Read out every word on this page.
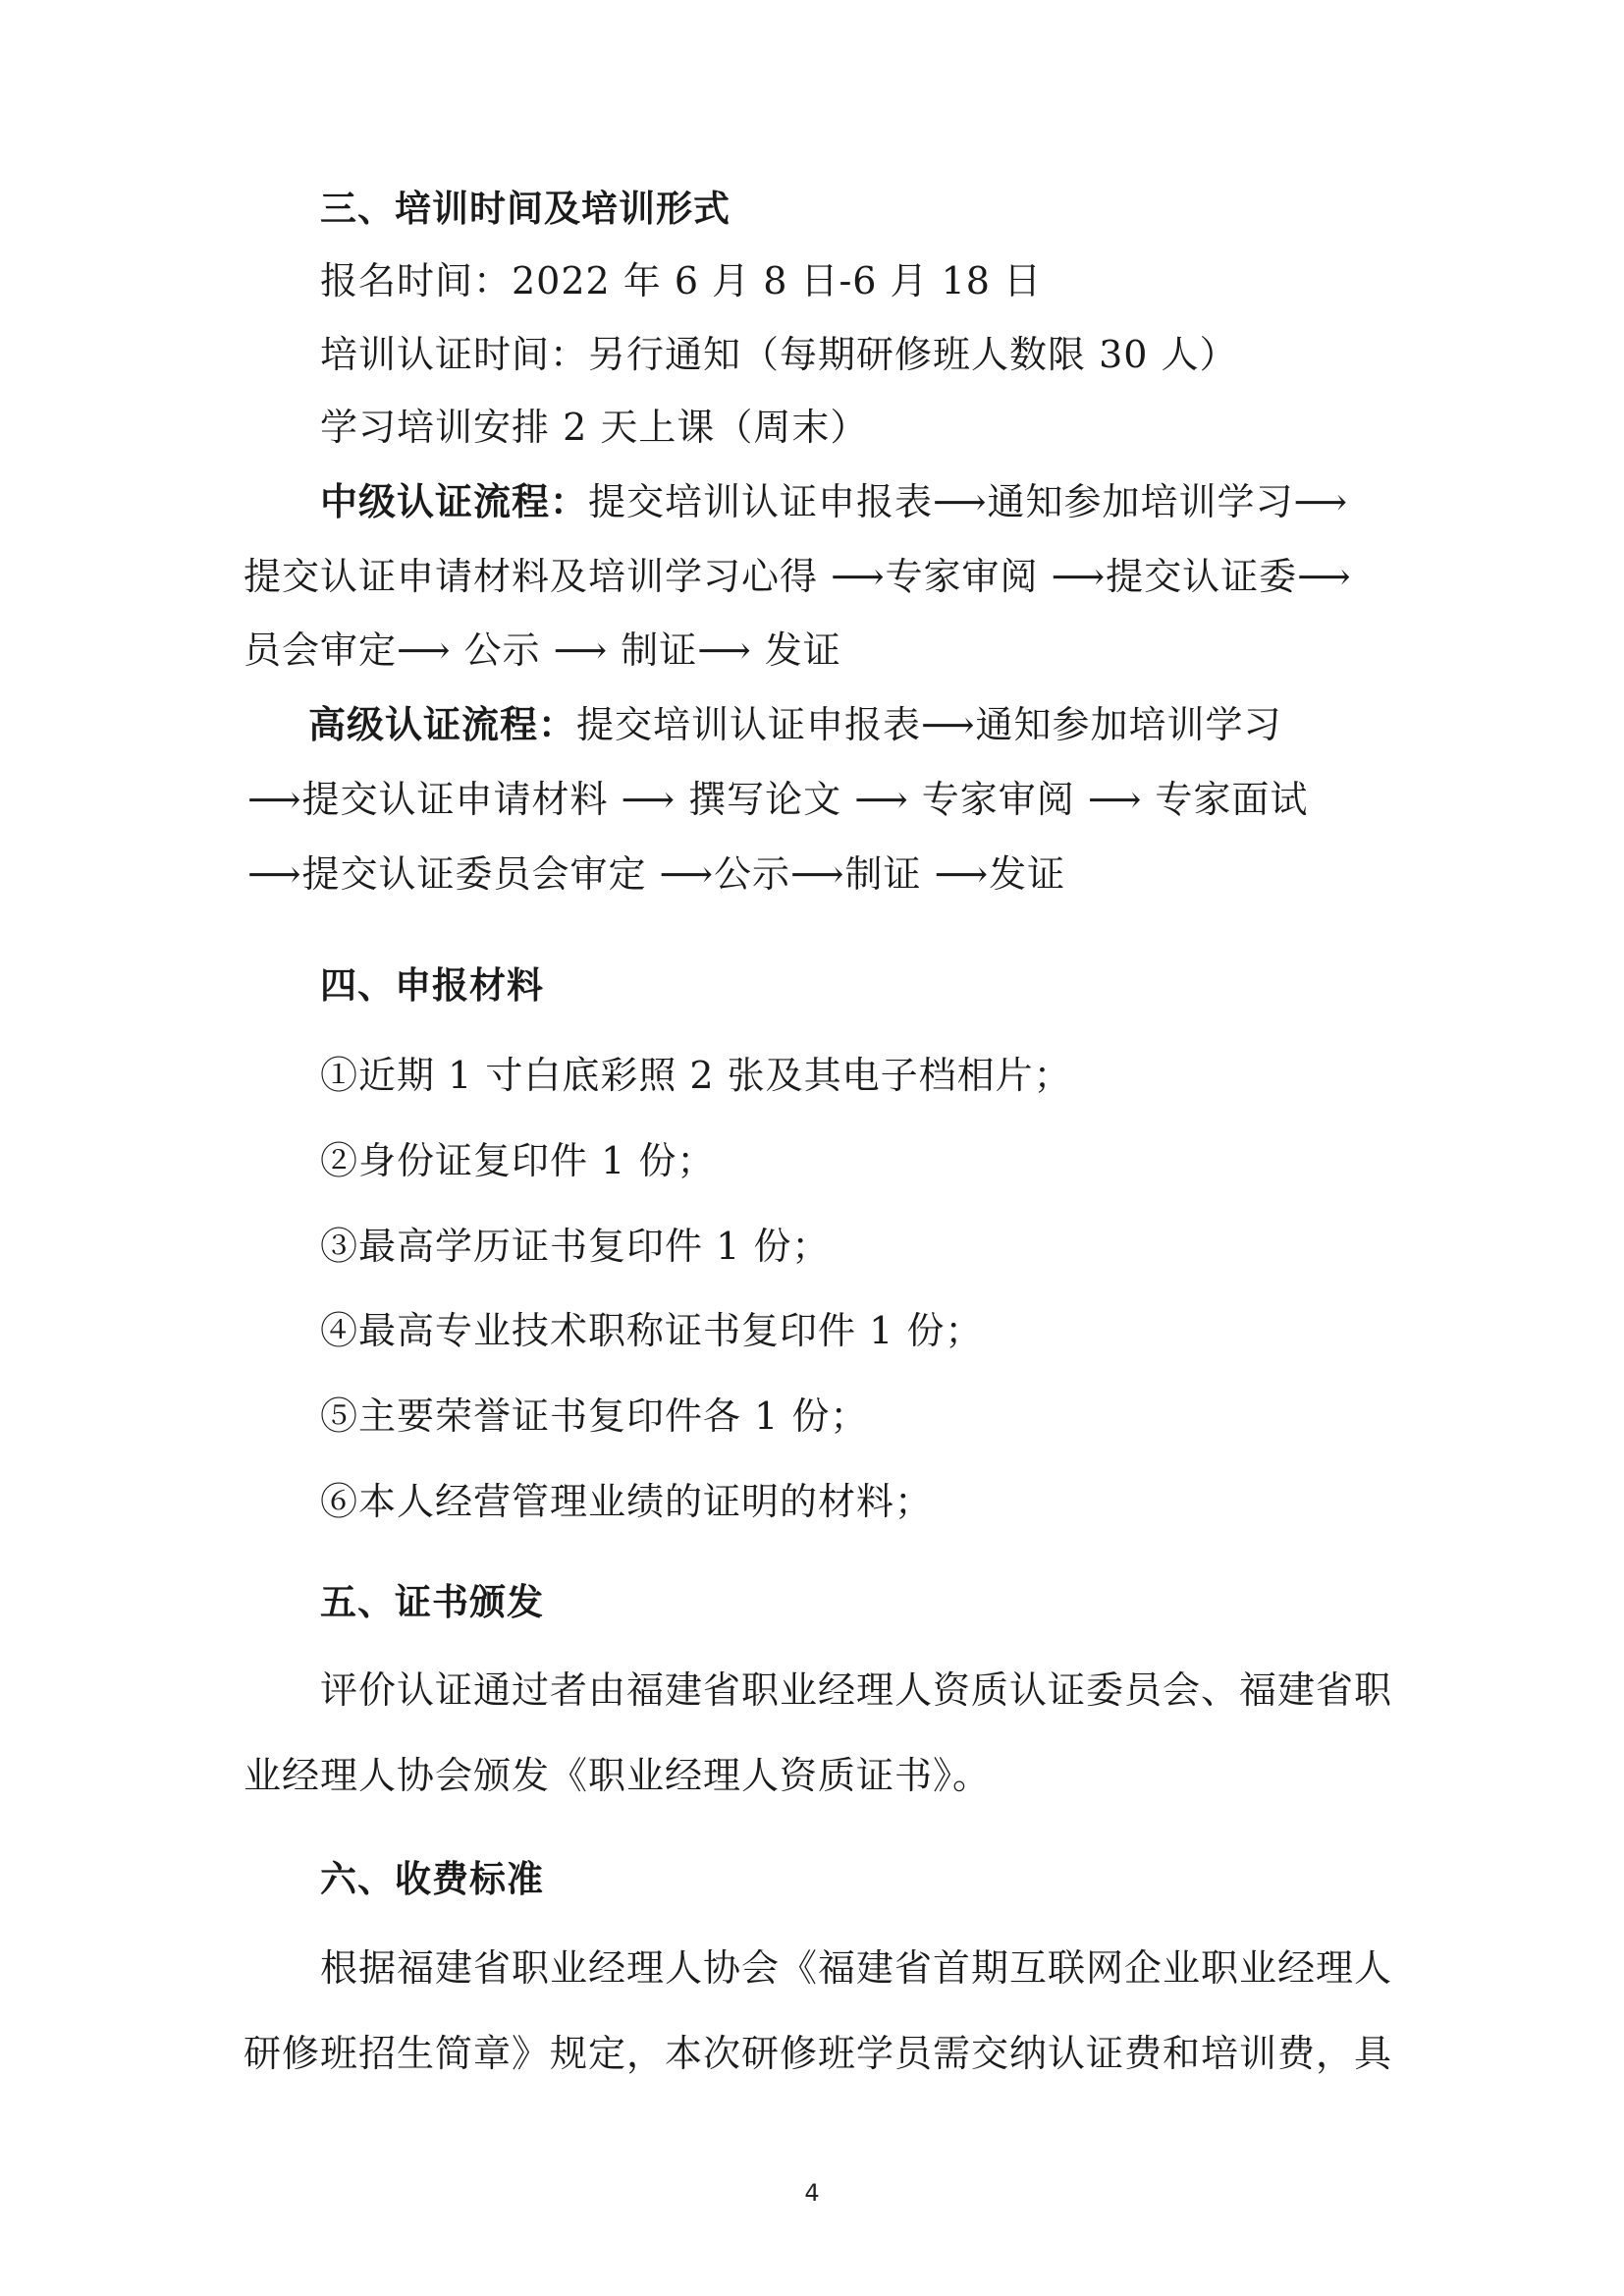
三、培训时间及培训形式

报名时间：2022 年 6 月 8 日-6 月 18 日

培训认证时间：另行通知（每期研修班人数限 30 人）

学习培训安排 2 天上课（周末）

中级认证流程：提交培训认证申报表⟶通知参加培训学习⟶

提交认证申请材料及培训学习心得 ⟶专家审阅 ⟶提交认证委⟶

员会审定⟶ 公示 ⟶ 制证⟶ 发证

高级认证流程：提交培训认证申报表⟶通知参加培训学习

⟶提交认证申请材料 ⟶ 撰写论文 ⟶ 专家审阅 ⟶ 专家面试

⟶提交认证委员会审定 ⟶公示⟶制证 ⟶发证

四、申报材料

①近期 1 寸白底彩照 2 张及其电子档相片；

②身份证复印件 1 份；

③最高学历证书复印件 1 份；

④最高专业技术职称证书复印件 1 份；

⑤主要荣誉证书复印件各 1 份；

⑥本人经营管理业绩的证明的材料；

五、证书颁发

评价认证通过者由福建省职业经理人资质认证委员会、福建省职

业经理人协会颁发《职业经理人资质证书》。

六、收费标准

根据福建省职业经理人协会《福建省首期互联网企业职业经理人

研修班招生简章》规定，本次研修班学员需交纳认证费和培训费，具

4
